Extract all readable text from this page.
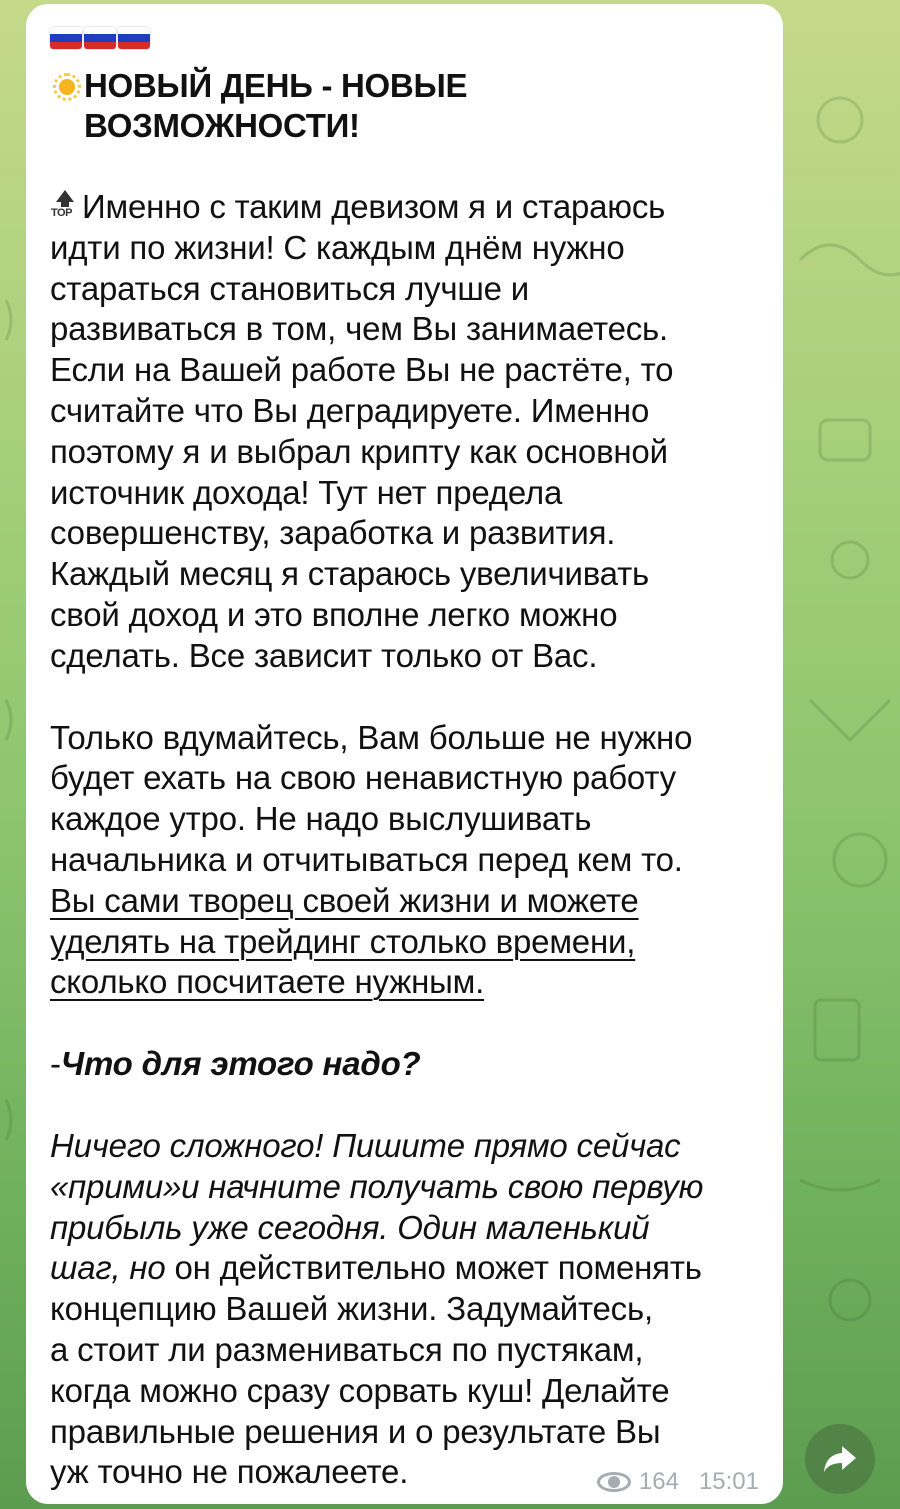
НОВЫЙ ДЕНЬ - НОВЫЕ
ВОЗМОЖНОСТИ!

TOP Именно с таким девизом я и стараюсь
идти по жизни! С каждым днём нужно
стараться становиться лучше и
развиваться в том, чем Вы занимаетесь.
Если на Вашей работе Вы не растёте, то
считайте что Вы деградируете. Именно
поэтому я и выбрал крипту как основной
источник дохода! Тут нет предела
совершенству, заработка и развития.
Каждый месяц я стараюсь увеличивать
свой доход и это вполне легко можно
сделать. Все зависит только от Вас.

Только вдумайтесь, Вам больше не нужно
будет ехать на свою ненавистную работу
каждое утро. Не надо выслушивать
начальника и отчитываться перед кем то.
Вы сами творец своей жизни и можете
уделять на трейдинг столько времени,
сколько посчитаете нужным.

-Что для этого надо?

Ничего сложного! Пишите прямо сейчас
«прими»и начните получать свою первую
прибыль уже сегодня. Один маленький
шаг, но он действительно может поменять
концепцию Вашей жизни. Задумайтесь,
а стоит ли размениваться по пустякам,
когда можно сразу сорвать куш! Делайте
правильные решения и о результате Вы
уж точно не пожалеете.	164 15:01
